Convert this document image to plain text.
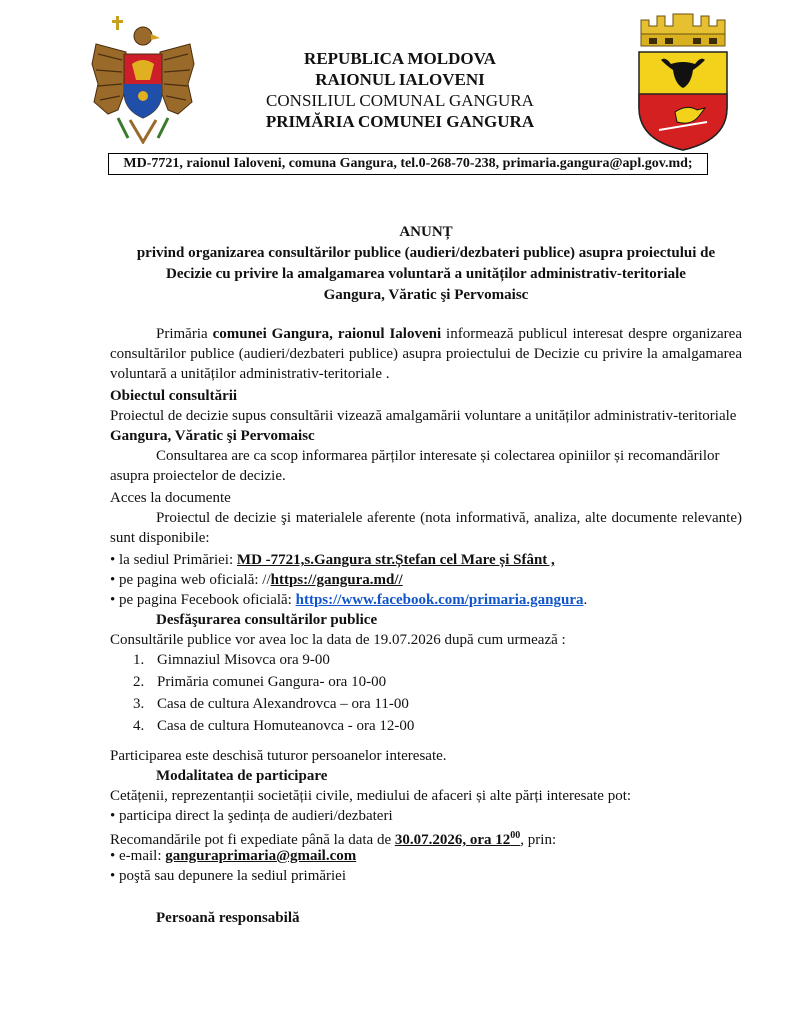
REPUBLICA MOLDOVA
RAIONUL IALOVENI
CONSILIUL COMUNAL GANGURA
PRIMĂRIA COMUNEI GANGURA
MD-7721, raionul Ialoveni, comuna Gangura, tel.0-268-70-238, primaria.gangura@apl.gov.md;
ANUNȚ
privind organizarea consultărilor publice (audieri/dezbateri publice) asupra proiectului de
Decizie cu privire la amalgamarea voluntară a unităților administrativ-teritoriale
Gangura, Văratic şi Pervomaisc
Primăria comunei Gangura, raionul Ialoveni informează publicul interesat despre organizarea consultărilor publice (audieri/dezbateri publice) asupra proiectului de Decizie cu privire la amalgamarea voluntară a unităților administrativ-teritoriale .
Obiectul consultării
Proiectul de decizie supus consultării vizează amalgamării voluntare a unităților administrativ-teritoriale Gangura, Văratic şi Pervomaisc
Consultarea are ca scop informarea părților interesate și colectarea opiniilor și recomandărilor asupra proiectelor de decizie.
Acces la documente
Proiectul de decizie şi materialele aferente (nota informativă, analiza, alte documente relevante) sunt disponibile:
• la sediul Primăriei: MD -7721,s.Gangura str.Ștefan cel Mare și Sfânt ,
• pe pagina web oficială: //https://gangura.md//
• pe pagina Fecebook oficială: https://www.facebook.com/primaria.gangura.
Desfăşurarea consultărilor publice
Consultările publice vor avea loc la data de 19.07.2026 după cum urmează :
1. Gimnaziul Misovca ora 9-00
2. Primăria comunei Gangura- ora 10-00
3. Casa de cultura Alexandrovca – ora 11-00
4. Casa de cultura Homuteanovca - ora 12-00
Participarea este deschisă tuturor persoanelor interesate.
Modalitatea de participare
Cetățenii, reprezentanții societății civile, mediului de afaceri și alte părți interesate pot:
• participa direct la şedința de audieri/dezbateri
Recomandările pot fi expediate până la data de 30.07.2026, ora $12^{00}$, prin:
• e-mail: ganguraprimaria@gmail.com
• poştă sau depunere la sediul primăriei
Persoană responsabilă
